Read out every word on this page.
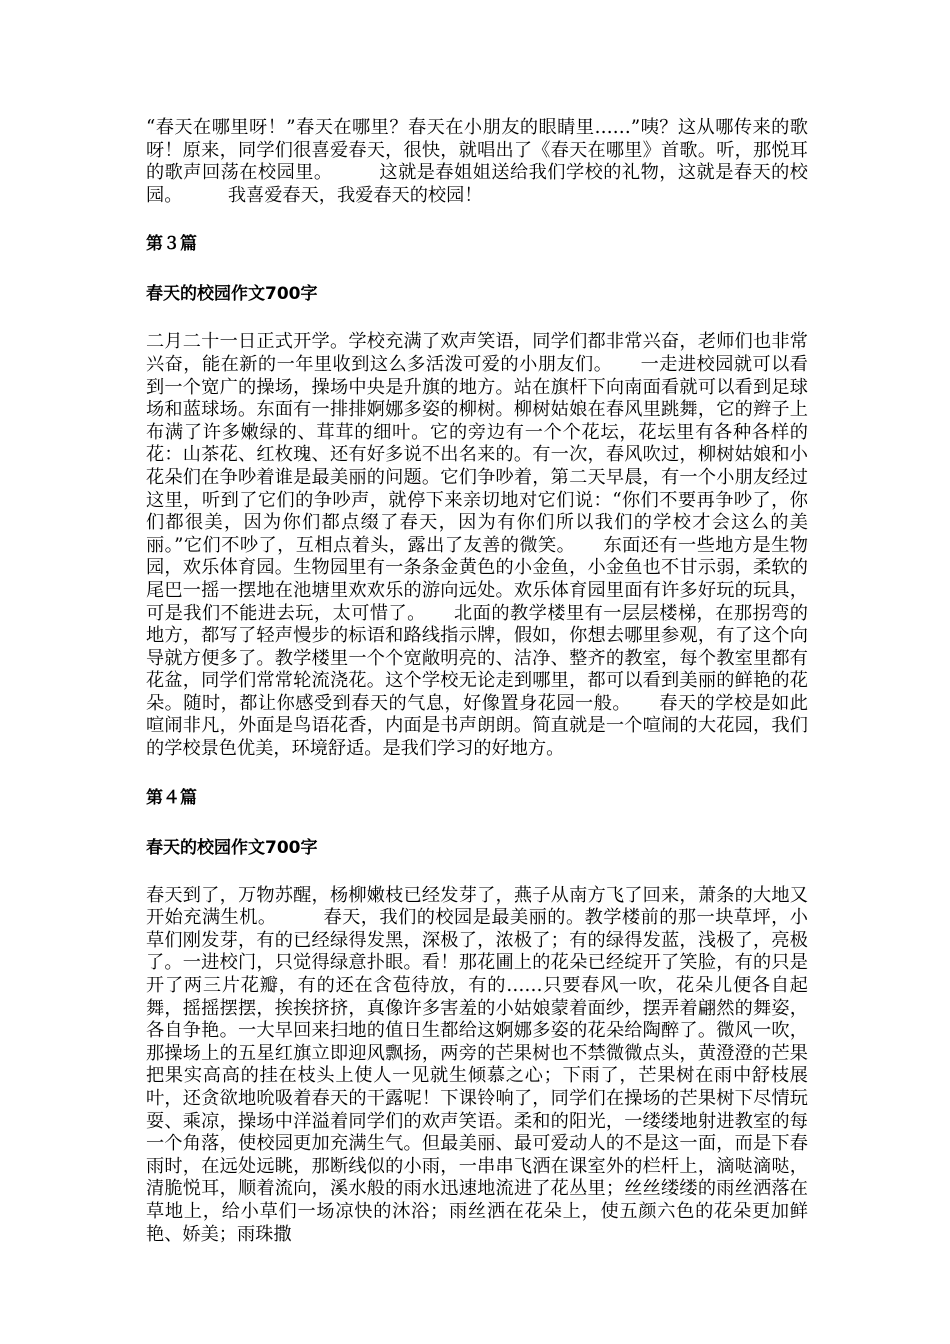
“春天在哪里呀！”春天在哪里？春天在小朋友的眼睛里……”咦？这从哪传来的歌呀！原来，同学们很喜爱春天，很快，就唱出了《春天在哪里》首歌。听，那悦耳的歌声回荡在校园里。　　　这就是春姐姐送给我们学校的礼物，这就是春天的校园。　　　我喜爱春天，我爱春天的校园！

第３篇

春天的校园作文700字

二月二十一日正式开学。学校充满了欢声笑语，同学们都非常兴奋，老师们也非常兴奋，能在新的一年里收到这么多活泼可爱的小朋友们。　　一走进校园就可以看到一个宽广的操场，操场中央是升旗的地方。站在旗杆下向南面看就可以看到足球场和蓝球场。东面有一排排婀娜多姿的柳树。柳树姑娘在春风里跳舞，它的辫子上布满了许多嫩绿的、茸茸的细叶。它的旁边有一个个花坛，花坛里有各种各样的花：山茶花、红枚瑰、还有好多说不出名来的。有一次，春风吹过，柳树姑娘和小花朵们在争吵着谁是最美丽的问题。它们争吵着，第二天早晨，有一个小朋友经过这里，听到了它们的争吵声，就停下来亲切地对它们说：“你们不要再争吵了，你们都很美，因为你们都点缀了春天，因为有你们所以我们的学校才会这么的美丽。”它们不吵了，互相点着头，露出了友善的微笑。　　东面还有一些地方是生物园，欢乐体育园。生物园里有一条条金黄色的小金鱼，小金鱼也不甘示弱，柔软的尾巴一摇一摆地在池塘里欢欢乐的游向远处。欢乐体育园里面有许多好玩的玩具，可是我们不能进去玩，太可惜了。　　北面的教学楼里有一层层楼梯，在那拐弯的地方，都写了轻声慢步的标语和路线指示牌，假如，你想去哪里参观，有了这个向导就方便多了。教学楼里一个个宽敞明亮的、洁净、整齐的教室，每个教室里都有花盆，同学们常常轮流浇花。这个学校无论走到哪里，都可以看到美丽的鲜艳的花朵。随时，都让你感受到春天的气息，好像置身花园一般。　　春天的学校是如此喧闹非凡，外面是鸟语花香，内面是书声朗朗。简直就是一个喧闹的大花园，我们的学校景色优美，环境舒适。是我们学习的好地方。

第４篇

春天的校园作文700字

春天到了，万物苏醒，杨柳嫩枝已经发芽了，燕子从南方飞了回来，萧条的大地又开始充满生机。　　　春天，我们的校园是最美丽的。教学楼前的那一块草坪，小草们刚发芽，有的已经绿得发黑，深极了，浓极了；有的绿得发蓝，浅极了，亮极了。一进校门，只觉得绿意扑眼。看！那花圃上的花朵已经绽开了笑脸，有的只是开了两三片花瓣，有的还在含苞待放，有的……只要春风一吹，花朵儿便各自起舞，摇摇摆摆，挨挨挤挤，真像许多害羞的小姑娘蒙着面纱，摆弄着翩然的舞姿，各自争艳。一大早回来扫地的值日生都给这婀娜多姿的花朵给陶醉了。微风一吹，那操场上的五星红旗立即迎风飘扬，两旁的芒果树也不禁微微点头，黄澄澄的芒果把果实高高的挂在枝头上使人一见就生倾慕之心；下雨了，芒果树在雨中舒枝展叶，还贪欲地吮吸着春天的干露呢！下课铃响了，同学们在操场的芒果树下尽情玩耍、乘凉，操场中洋溢着同学们的欢声笑语。柔和的阳光，一缕缕地射进教室的每一个角落，使校园更加充满生气。但最美丽、最可爱动人的不是这一面，而是下春雨时，在远处远眺，那断线似的小雨，一串串飞洒在课室外的栏杆上，滴哒滴哒，清脆悦耳，顺着流向，溪水般的雨水迅速地流进了花丛里；丝丝缕缕的雨丝洒落在草地上，给小草们一场凉快的沐浴；雨丝洒在花朵上，使五颜六色的花朵更加鲜艳、娇美；雨珠撒
